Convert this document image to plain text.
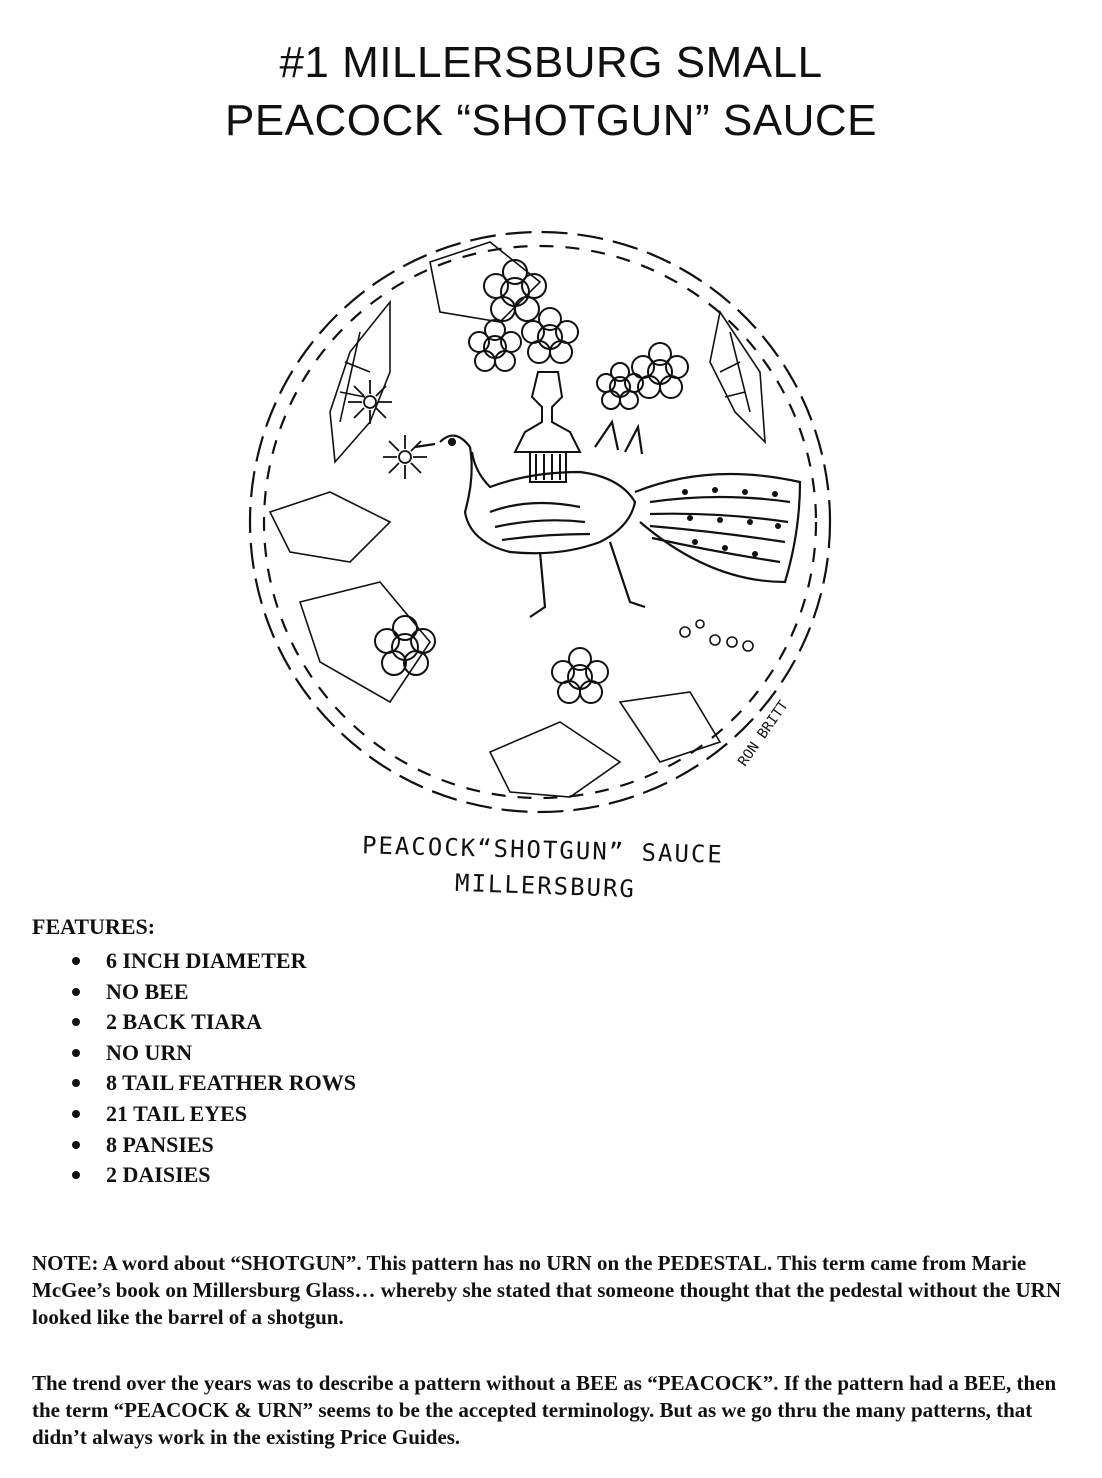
#1 MILLERSBURG SMALL
PEACOCK “SHOTGUN” SAUCE
RON BRITT
PEACOCK“SHOTGUN” SAUCE
MILLERSBURG
FEATURES:
6 INCH DIAMETER
NO BEE
2 BACK TIARA
NO URN
8 TAIL FEATHER ROWS
21 TAIL EYES
8 PANSIES
2 DAISIES

NOTE: A word about “SHOTGUN”. This pattern has no URN on the PEDESTAL. This term came from Marie McGee’s book on Millersburg Glass… whereby she stated that someone thought that the pedestal without the URN looked like the barrel of a shotgun.

The trend over the years was to describe a pattern without a BEE as “PEACOCK”. If the pattern had a BEE, then the term “PEACOCK & URN” seems to be the accepted terminology. But as we go thru the many patterns, that didn’t always work in the existing Price Guides.
